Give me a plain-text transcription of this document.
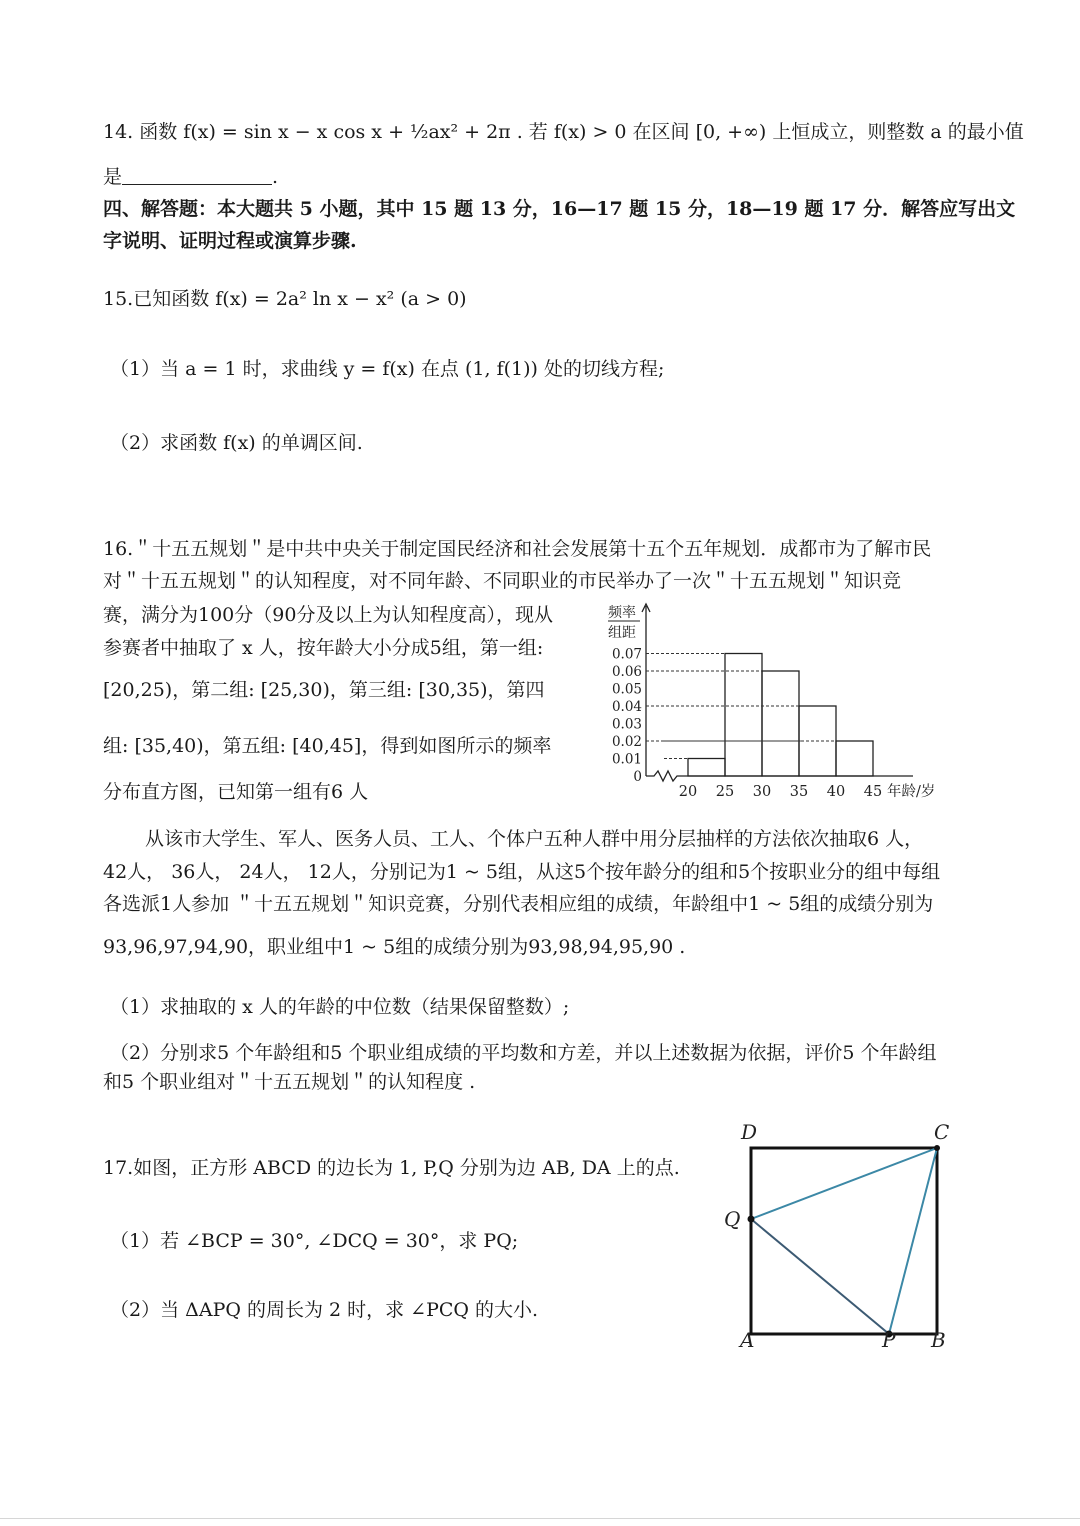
14. 函数 f(x) = sin x − x cos x + ½ax² + 2π . 若 f(x) > 0 在区间 [0, +∞) 上恒成立，则整数 a 的最小值
是	.
四、解答题：本大题共 5 小题，其中 15 题 13 分，16—17 题 15 分，18—19 题 17 分．解答应写出文
字说明、证明过程或演算步骤.
15.已知函数 f(x) = 2a² ln x − x² (a > 0)
（1）当 a = 1 时，求曲线 y = f(x) 在点 (1, f(1)) 处的切线方程;
（2）求函数 f(x) 的单调区间.
16.＂十五五规划＂是中共中央关于制定国民经济和社会发展第十五个五年规划．成都市为了解市民
对＂十五五规划＂的认知程度，对不同年龄、不同职业的市民举办了一次＂十五五规划＂知识竞
赛，满分为100分（90分及以上为认知程度高），现从
参赛者中抽取了 x 人，按年龄大小分成5组，第一组:
[20,25)，第二组: [25,30)，第三组: [30,35)，第四
组: [35,40)，第五组: [40,45]，得到如图所示的频率
分布直方图，已知第一组有6 人
频率
组距
0
0.01
0.02
0.03
0.04
0.05
0.06
0.07
20 25 30 35 40 45 年龄/岁
从该市大学生、军人、医务人员、工人、个体户五种人群中用分层抽样的方法依次抽取6 人，
42人， 36人， 24人， 12人，分别记为1 ~ 5组，从这5个按年龄分的组和5个按职业分的组中每组
各选派1人参加 ＂十五五规划＂知识竞赛，分别代表相应组的成绩，年龄组中1 ~ 5组的成绩分别为
93,96,97,94,90，职业组中1 ~ 5组的成绩分别为93,98,94,95,90 .
（1）求抽取的 x 人的年龄的中位数（结果保留整数）;
（2）分别求5 个年龄组和5 个职业组成绩的平均数和方差，并以上述数据为依据，评价5 个年龄组
和5 个职业组对＂十五五规划＂的认知程度 .
17.如图，正方形 ABCD 的边长为 1, P,Q 分别为边 AB, DA 上的点.
（1）若 ∠BCP = 30°, ∠DCQ = 30°，求 PQ;
（2）当 ΔAPQ 的周长为 2 时，求 ∠PCQ 的大小.
D	C
Q
A	P B
